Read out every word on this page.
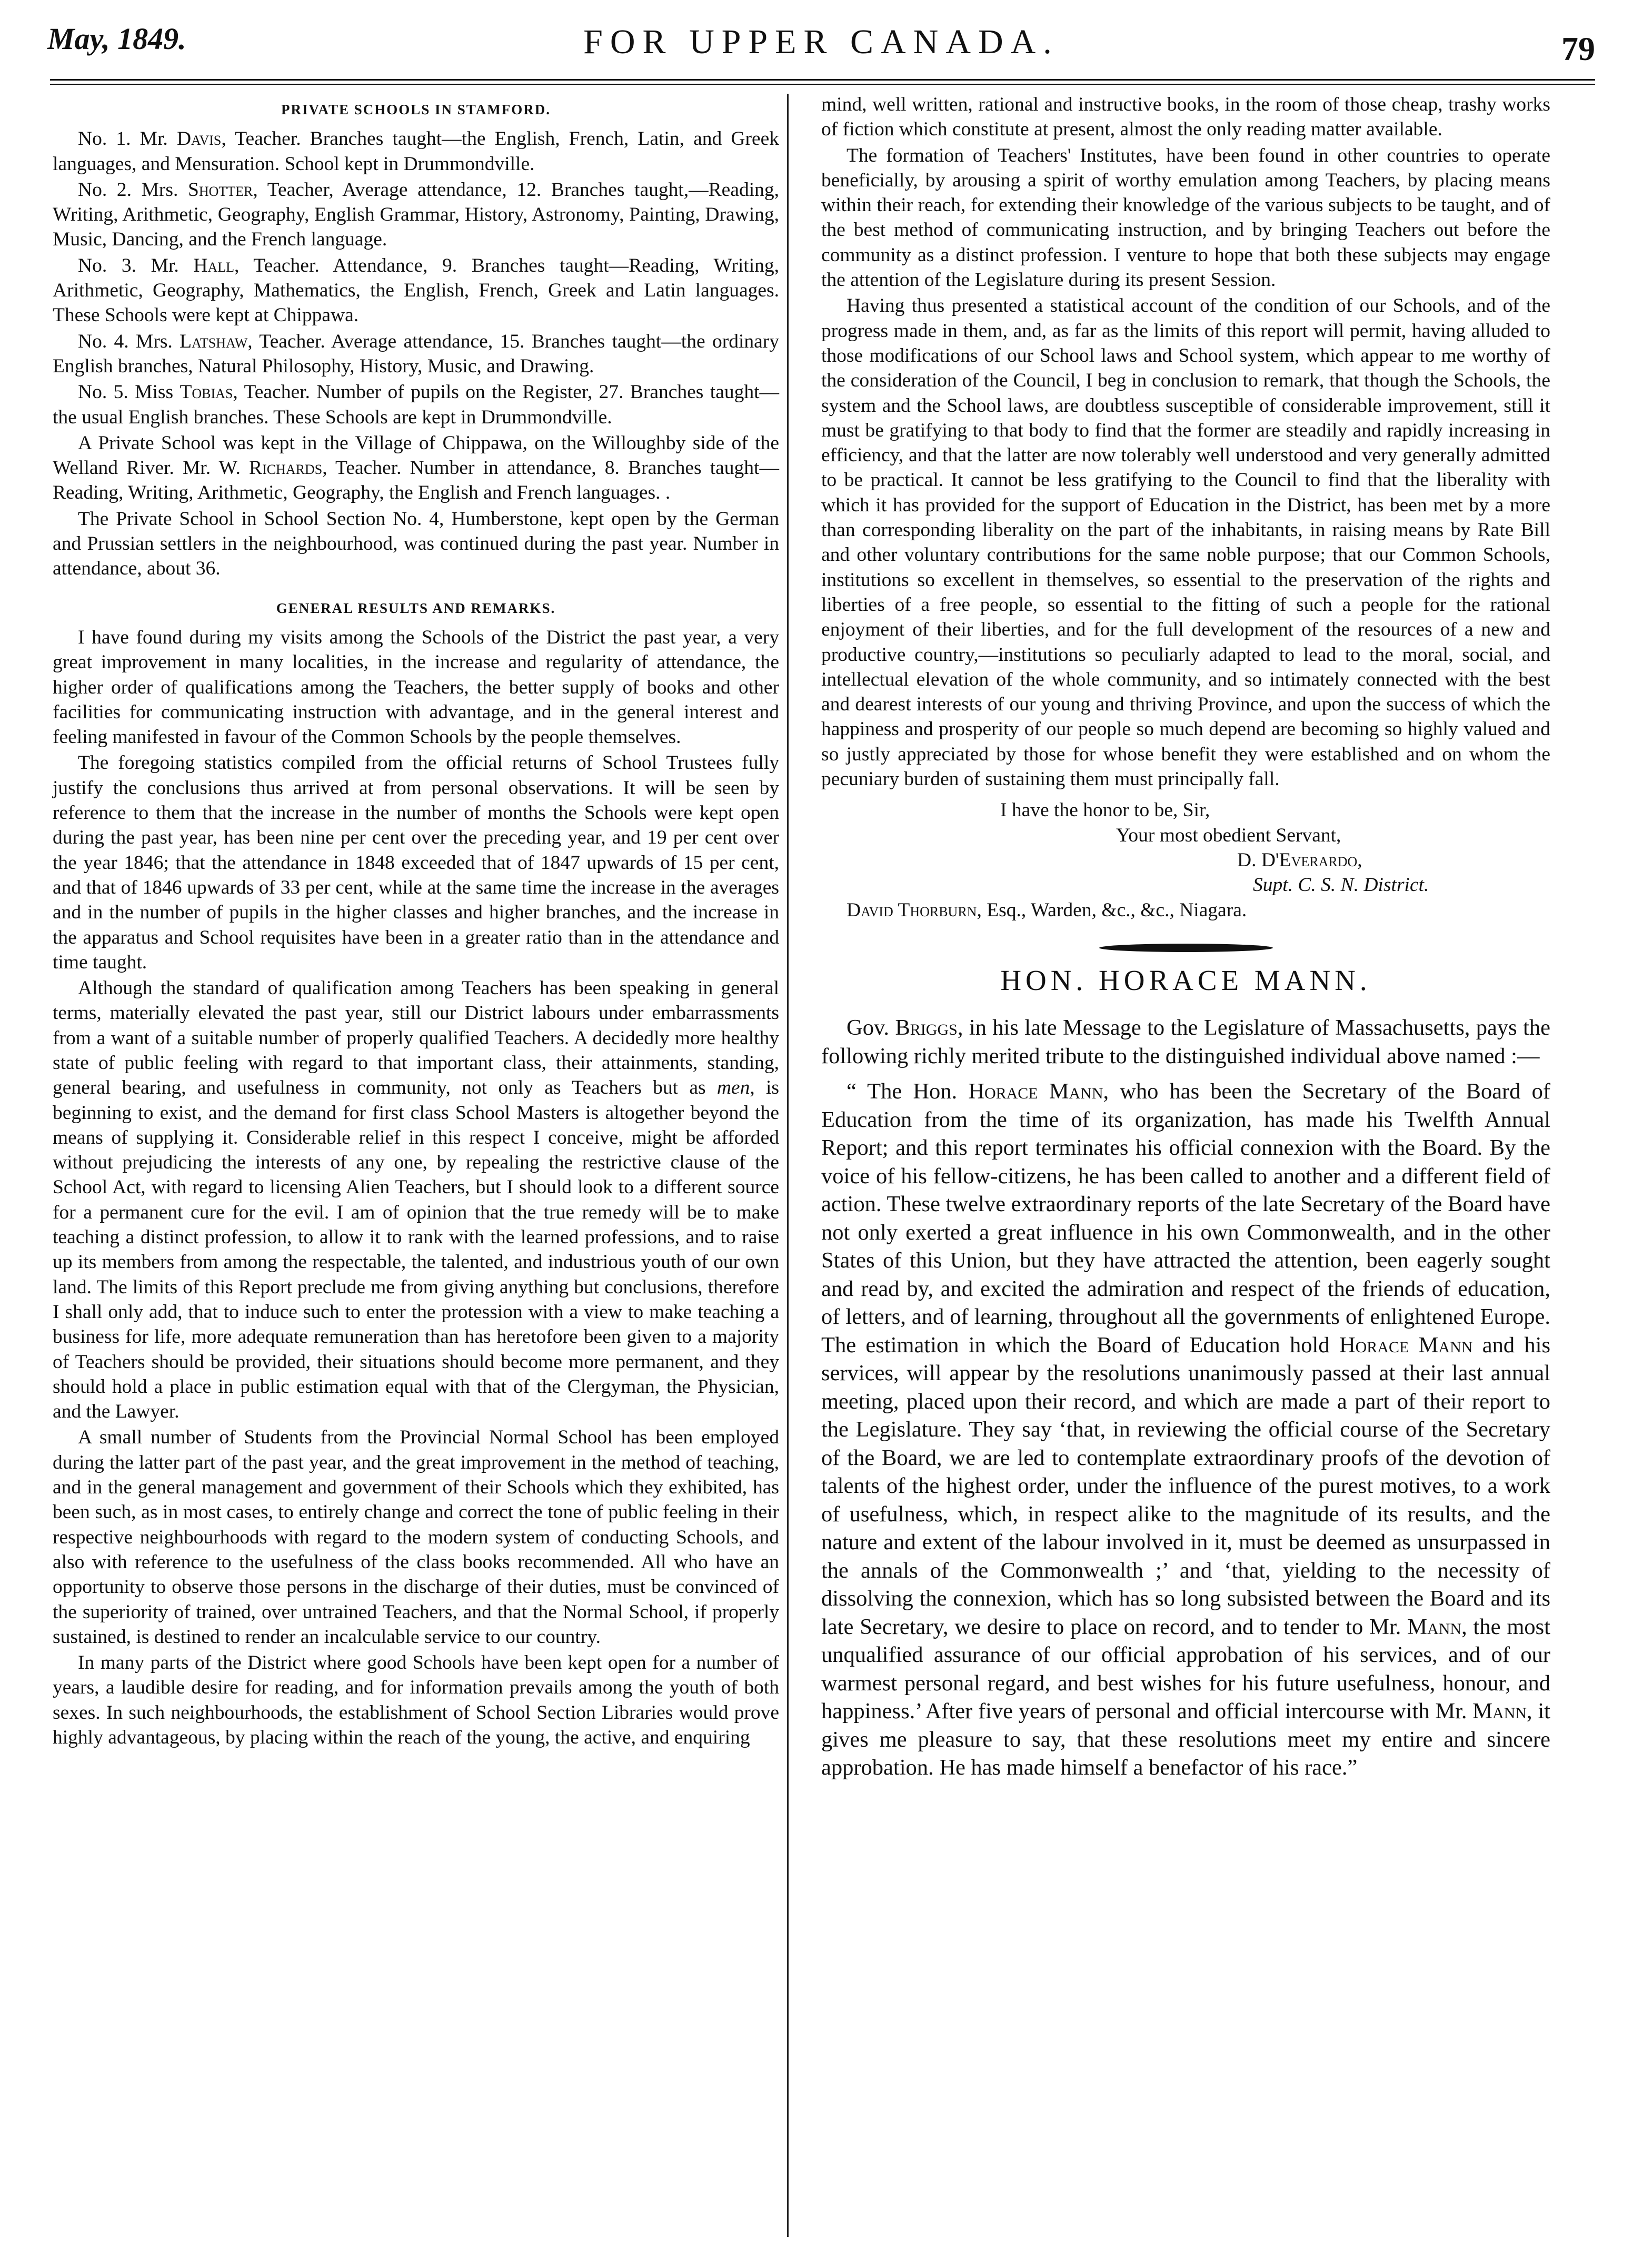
May, 1849.	FOR UPPER CANADA.	79
PRIVATE SCHOOLS IN STAMFORD.

No. 1. Mr. Davis, Teacher. Branches taught—the English, French, Latin, and Greek languages, and Mensuration. School kept in Drummondville.

No. 2. Mrs. Shotter, Teacher, Average attendance, 12. Branches taught,—Reading, Writing, Arithmetic, Geography, English Grammar, History, Astronomy, Painting, Drawing, Music, Dancing, and the French language.

No. 3. Mr. Hall, Teacher. Attendance, 9. Branches taught—Reading, Writing, Arithmetic, Geography, Mathematics, the English, French, Greek and Latin languages. These Schools were kept at Chippawa.

No. 4. Mrs. Latshaw, Teacher. Average attendance, 15. Branches taught—the ordinary English branches, Natural Philosophy, History, Music, and Drawing.

No. 5. Miss Tobias, Teacher. Number of pupils on the Register, 27. Branches taught—the usual English branches. These Schools are kept in Drummondville.

A Private School was kept in the Village of Chippawa, on the Willoughby side of the Welland River. Mr. W. Richards, Teacher. Number in attendance, 8. Branches taught—Reading, Writing, Arithmetic, Geography, the English and French languages. .

The Private School in School Section No. 4, Humberstone, kept open by the German and Prussian settlers in the neighbourhood, was continued during the past year. Number in attendance, about 36.

GENERAL RESULTS AND REMARKS.

I have found during my visits among the Schools of the District the past year, a very great improvement in many localities, in the increase and regularity of attendance, the higher order of qualifications among the Teachers, the better supply of books and other facilities for communicating instruction with advantage, and in the general interest and feeling manifested in favour of the Common Schools by the people themselves.

The foregoing statistics compiled from the official returns of School Trustees fully justify the conclusions thus arrived at from personal observations. It will be seen by reference to them that the increase in the number of months the Schools were kept open during the past year, has been nine per cent over the preceding year, and 19 per cent over the year 1846; that the attendance in 1848 exceeded that of 1847 upwards of 15 per cent, and that of 1846 upwards of 33 per cent, while at the same time the increase in the averages and in the number of pupils in the higher classes and higher branches, and the increase in the apparatus and School requisites have been in a greater ratio than in the attendance and time taught.

Although the standard of qualification among Teachers has been speaking in general terms, materially elevated the past year, still our District labours under embarrassments from a want of a suitable number of properly qualified Teachers. A decidedly more healthy state of public feeling with regard to that important class, their attainments, standing, general bearing, and usefulness in community, not only as Teachers but as men, is beginning to exist, and the demand for first class School Masters is altogether beyond the means of supplying it. Considerable relief in this respect I conceive, might be afforded without prejudicing the interests of any one, by repealing the restrictive clause of the School Act, with regard to licensing Alien Teachers, but I should look to a different source for a permanent cure for the evil. I am of opinion that the true remedy will be to make teaching a distinct profession, to allow it to rank with the learned professions, and to raise up its members from among the respectable, the talented, and industrious youth of our own land. The limits of this Report preclude me from giving anything but conclusions, therefore I shall only add, that to induce such to enter the protession with a view to make teaching a business for life, more adequate remuneration than has heretofore been given to a majority of Teachers should be provided, their situations should become more permanent, and they should hold a place in public estimation equal with that of the Clergyman, the Physician, and the Lawyer.

A small number of Students from the Provincial Normal School has been employed during the latter part of the past year, and the great improvement in the method of teaching, and in the general management and government of their Schools which they exhibited, has been such, as in most cases, to entirely change and correct the tone of public feeling in their respective neighbourhoods with regard to the modern system of conducting Schools, and also with reference to the usefulness of the class books recommended. All who have an opportunity to observe those persons in the discharge of their duties, must be convinced of the superiority of trained, over untrained Teachers, and that the Normal School, if properly sustained, is destined to render an incalculable service to our country.

In many parts of the District where good Schools have been kept open for a number of years, a laudible desire for reading, and for information prevails among the youth of both sexes. In such neighbourhoods, the establishment of School Section Libraries would prove highly advantageous, by placing within the reach of the young, the active, and enquiring

mind, well written, rational and instructive books, in the room of those cheap, trashy works of fiction which constitute at present, almost the only reading matter available.

The formation of Teachers' Institutes, have been found in other countries to operate beneficially, by arousing a spirit of worthy emulation among Teachers, by placing means within their reach, for extending their knowledge of the various subjects to be taught, and of the best method of communicating instruction, and by bringing Teachers out before the community as a distinct profession. I venture to hope that both these subjects may engage the attention of the Legislature during its present Session.

Having thus presented a statistical account of the condition of our Schools, and of the progress made in them, and, as far as the limits of this report will permit, having alluded to those modifications of our School laws and School system, which appear to me worthy of the consideration of the Council, I beg in conclusion to remark, that though the Schools, the system and the School laws, are doubtless susceptible of considerable improvement, still it must be gratifying to that body to find that the former are steadily and rapidly increasing in efficiency, and that the latter are now tolerably well understood and very generally admitted to be practical. It cannot be less gratifying to the Council to find that the liberality with which it has provided for the support of Education in the District, has been met by a more than corresponding liberality on the part of the inhabitants, in raising means by Rate Bill and other voluntary contributions for the same noble purpose; that our Common Schools, institutions so excellent in themselves, so essential to the preservation of the rights and liberties of a free people, so essential to the fitting of such a people for the rational enjoyment of their liberties, and for the full development of the resources of a new and productive country,—institutions so peculiarly adapted to lead to the moral, social, and intellectual elevation of the whole community, and so intimately connected with the best and dearest interests of our young and thriving Province, and upon the success of which the happiness and prosperity of our people so much depend are becoming so highly valued and so justly appreciated by those for whose benefit they were established and on whom the pecuniary burden of sustaining them must principally fall.

I have the honor to be, Sir,
Your most obedient Servant,
D. D'Everardo,
Supt. C. S. N. District.
David Thorburn, Esq., Warden, &c., &c., Niagara.
HON. HORACE MANN.

Gov. Briggs, in his late Message to the Legislature of Massachusetts, pays the following richly merited tribute to the distinguished individual above named :—

“ The Hon. Horace Mann, who has been the Secretary of the Board of Education from the time of its organization, has made his Twelfth Annual Report; and this report terminates his official connexion with the Board. By the voice of his fellow-citizens, he has been called to another and a different field of action. These twelve extraordinary reports of the late Secretary of the Board have not only exerted a great influence in his own Commonwealth, and in the other States of this Union, but they have attracted the attention, been eagerly sought and read by, and excited the admiration and respect of the friends of education, of letters, and of learning, throughout all the governments of enlightened Europe. The estimation in which the Board of Education hold Horace Mann and his services, will appear by the resolutions unanimously passed at their last annual meeting, placed upon their record, and which are made a part of their report to the Legislature. They say ‘that, in reviewing the official course of the Secretary of the Board, we are led to contemplate extraordinary proofs of the devotion of talents of the highest order, under the influence of the purest motives, to a work of usefulness, which, in respect alike to the magnitude of its results, and the nature and extent of the labour involved in it, must be deemed as unsurpassed in the annals of the Commonwealth ;’ and ‘that, yielding to the necessity of dissolving the connexion, which has so long subsisted between the Board and its late Secretary, we desire to place on record, and to tender to Mr. Mann, the most unqualified assurance of our official approbation of his services, and of our warmest personal regard, and best wishes for his future usefulness, honour, and happiness.’ After five years of personal and official intercourse with Mr. Mann, it gives me pleasure to say, that these resolutions meet my entire and sincere approbation. He has made himself a benefactor of his race.”
